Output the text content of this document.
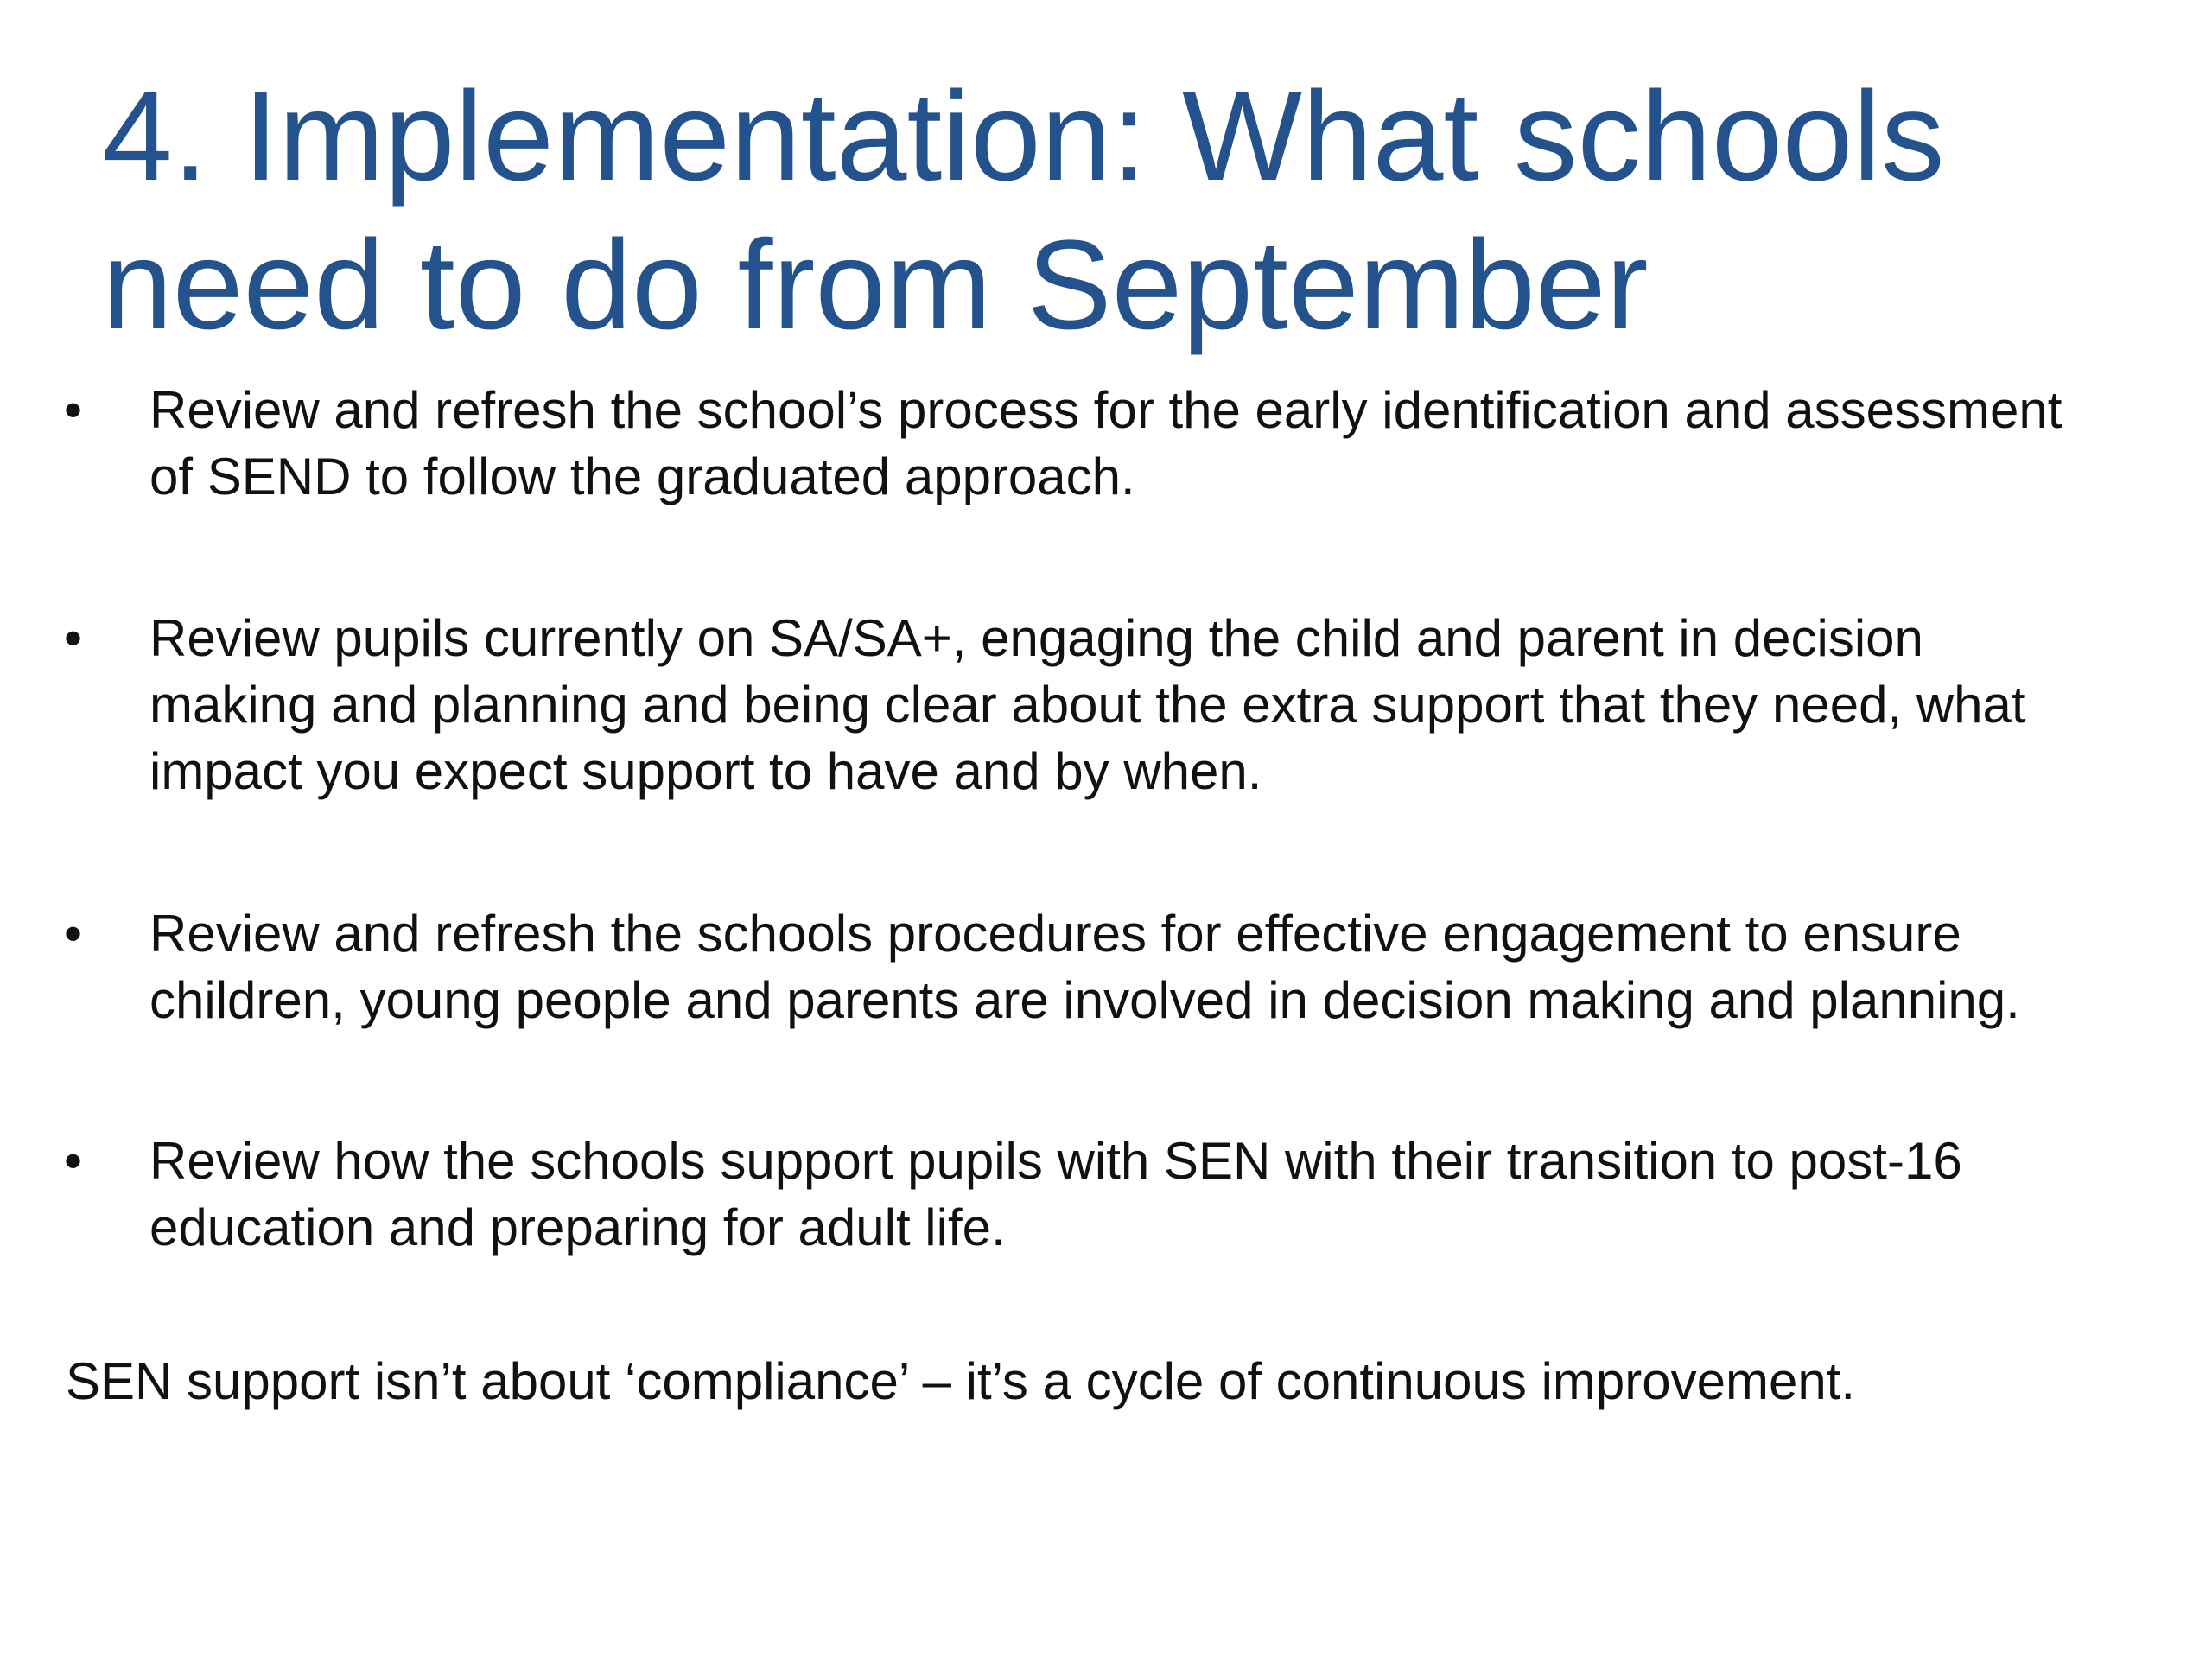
4. Implementation: What schools
need to do from September
• Review and refresh the school’s process for the early identification and assessment
of SEND to follow the graduated approach.
• Review pupils currently on SA/SA+, engaging the child and parent in decision
making and planning and being clear about the extra support that they need, what
impact you expect support to have and by when.
• Review and refresh the schools procedures for effective engagement to ensure
children, young people and parents are involved in decision making and planning.
• Review how the schools support pupils with SEN with their transition to post-16
education and preparing for adult life.

SEN support isn’t about ‘compliance’ – it’s a cycle of continuous improvement.
